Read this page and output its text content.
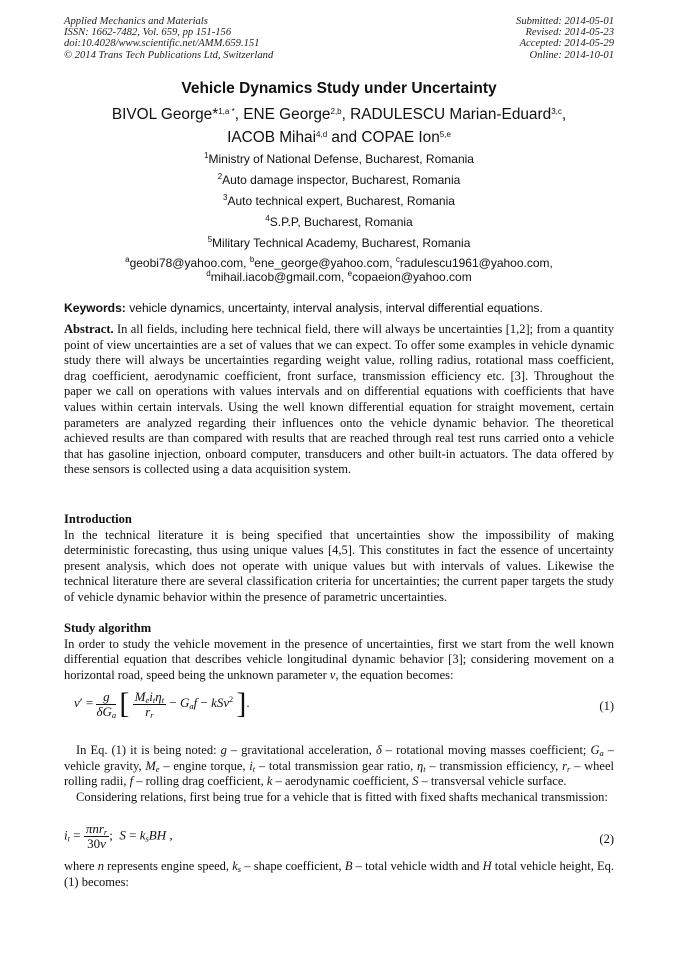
Applied Mechanics and Materials
ISSN: 1662-7482, Vol. 659, pp 151-156
doi:10.4028/www.scientific.net/AMM.659.151
© 2014 Trans Tech Publications Ltd, Switzerland
Submitted: 2014-05-01
Revised: 2014-05-23
Accepted: 2014-05-29
Online: 2014-10-01
Vehicle Dynamics Study under Uncertainty
BIVOL George*$^{1,a *}$, ENE George$^{2,b}$, RADULESCU Marian-Eduard$^{3,c}$,
IACOB Mihai$^{4,d}$ and COPAE Ion$^{5,e}$
$^1$Ministry of National Defense, Bucharest, Romania
$^2$Auto damage inspector, Bucharest, Romania
$^3$Auto technical expert, Bucharest, Romania
$^4$S.P.P, Bucharest, Romania
$^5$Military Technical Academy, Bucharest, Romania
$^a$geobi78@yahoo.com, $^b$ene_george@yahoo.com, $^c$radulescu1961@yahoo.com,
$^d$mihail.iacob@gmail.com, $^e$copaeion@yahoo.com
Keywords: vehicle dynamics, uncertainty, interval analysis, interval differential equations.

Abstract. In all fields, including here technical field, there will always be uncertainties [1,2]; from a quantity point of view uncertainties are a set of values that we can expect. To offer some examples in vehicle dynamic study there will always be uncertainties regarding weight value, rolling radius, rotational mass coefficient, drag coefficient, aerodynamic coefficient, front surface, transmission efficiency etc. [3]. Throughout the paper we call on operations with values intervals and on differential equations with coefficients that have values within certain intervals. Using the well known differential equation for straight movement, certain parameters are analyzed regarding their influences onto the vehicle dynamic behavior. The theoretical achieved results are than compared with results that are reached through real test runs carried onto a vehicle that has gasoline injection, onboard computer, transducers and other built-in actuators. The data offered by these sensors is collected using a data acquisition system.

Introduction

In the technical literature it is being specified that uncertainties show the impossibility of making deterministic forecasting, thus using unique values [4,5]. This constitutes in fact the essence of uncertainty present analysis, which does not operate with unique values but with intervals of values. Likewise the technical literature there are several classification criteria for uncertainties; the current paper targets the study of vehicle dynamic behavior within the presence of parametric uncertainties.

Study algorithm

In order to study the vehicle movement in the presence of uncertainties, first we start from the well known differential equation that describes vehicle longitudinal dynamic behavior [3]; considering movement on a horizontal road, speed being the unknown parameter v, the equation becomes:

$v' = \frac{g}{\delta G_a}$ [ $\frac{M_ei_t\eta_t}{r_r} - G_af - kSv^2$ ].	(1)

In Eq. (1) it is being noted: g – gravitational acceleration, δ – rotational moving masses coefficient; $G_a$ – vehicle gravity, $M_e$ – engine torque, $i_t$ – total transmission gear ratio, $\eta_t$ – transmission efficiency, $r_r$ – wheel rolling radii, f – rolling drag coefficient, k – aerodynamic coefficient, S – transversal vehicle surface.

Considering relations, first being true for a vehicle that is fitted with fixed shafts mechanical transmission:

$i_t = \frac{\pi nr_r}{30v}$ ;  $S = k_sBH$ ,	(2)

where n represents engine speed, $k_s$ – shape coefficient, B – total vehicle width and H total vehicle height, Eq. (1) becomes:
